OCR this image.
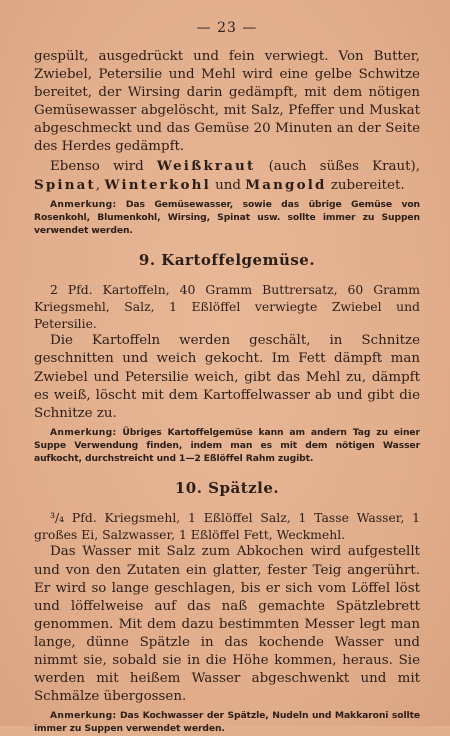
— 23 —

gespült, ausgedrückt und fein verwiegt. Von Butter, Zwiebel, Petersilie und Mehl wird eine gelbe Schwitze bereitet, der Wirsing darin gedämpft, mit dem nötigen Gemüsewasser abgelöscht, mit Salz, Pfeffer und Muskat abgeschmeckt und das Gemüse 20 Minuten an der Seite des Herdes gedämpft.

Ebenso wird Weißkraut (auch süßes Kraut), Spinat, Winterkohl und Mangold zubereitet.

Anmerkung: Das Gemüsewasser, sowie das übrige Gemüse von Rosenkohl, Blumenkohl, Wirsing, Spinat usw. sollte immer zu Suppen verwendet werden.

9. Kartoffelgemüse.

2 Pfd. Kartoffeln, 40 Gramm Buttrersatz, 60 Gramm Kriegsmehl, Salz, 1 Eßlöffel verwiegte Zwiebel und Petersilie.

Die Kartoffeln werden geschält, in Schnitze geschnitten und weich gekocht. Im Fett dämpft man Zwiebel und Petersilie weich, gibt das Mehl zu, dämpft es weiß, löscht mit dem Kartoffelwasser ab und gibt die Schnitze zu.

Anmerkung: Übriges Kartoffelgemüse kann am andern Tag zu einer Suppe Verwendung finden, indem man es mit dem nötigen Wasser aufkocht, durchstreicht und 1—2 Eßlöffel Rahm zugibt.

10. Spätzle.

³/₄ Pfd. Kriegsmehl, 1 Eßlöffel Salz, 1 Tasse Wasser, 1 großes Ei, Salzwasser, 1 Eßlöffel Fett, Weckmehl.

Das Wasser mit Salz zum Abkochen wird aufgestellt und von den Zutaten ein glatter, fester Teig angerührt. Er wird so lange geschlagen, bis er sich vom Löffel löst und löffelweise auf das naß gemachte Spätzlebrett genommen. Mit dem dazu bestimmten Messer legt man lange, dünne Spätzle in das kochende Wasser und nimmt sie, sobald sie in die Höhe kommen, heraus. Sie werden mit heißem Wasser abgeschwenkt und mit Schmälze übergossen.

Anmerkung: Das Kochwasser der Spätzle, Nudeln und Makkaroni sollte immer zu Suppen verwendet werden.
